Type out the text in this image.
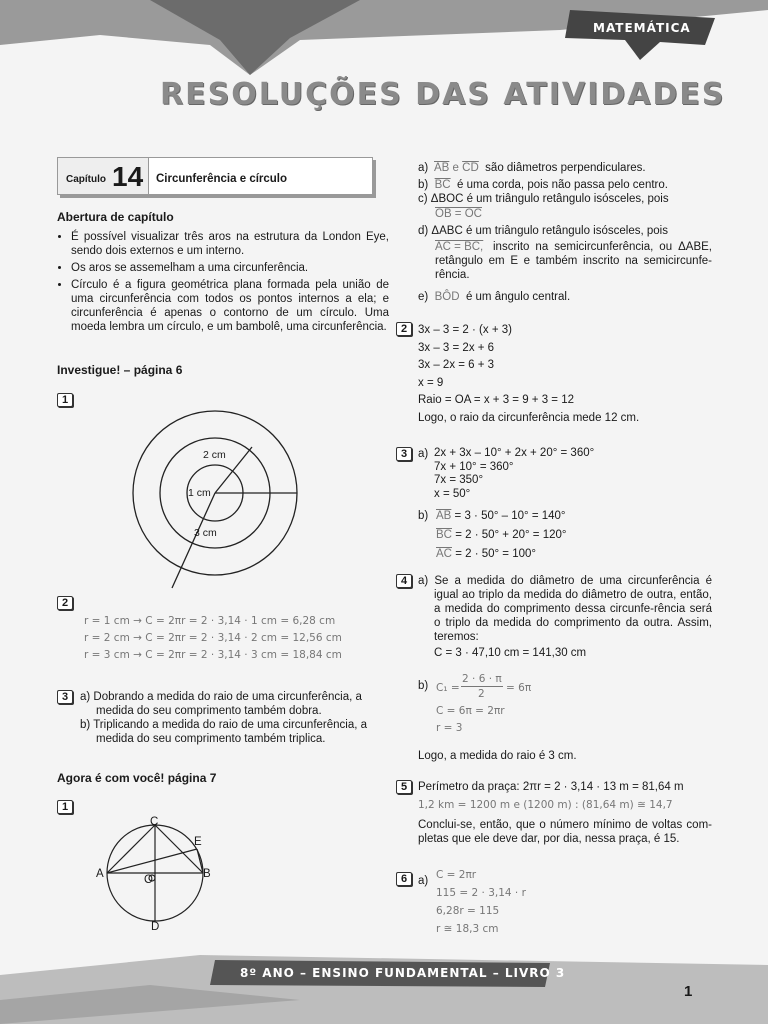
MATEMÁTICA
RESOLUÇÕES DAS ATIVIDADES
Capítulo 14 Circunferência e círculo
Abertura de capítulo
• É possível visualizar três aros na estrutura da London Eye, sendo dois externos e um interno.
• Os aros se assemelham a uma circunferência.
• Círculo é a figura geométrica plana formada pela união de uma circunferência com todos os pontos internos a ela; e circunferência é apenas o contorno de um círculo. Uma moeda lembra um círculo, e um bambolê, uma circunferência.
Investigue! – página 6
1
2 cm
1 cm
3 cm
2
r = 1 cm → C = 2πr = 2 · 3,14 · 1 cm = 6,28 cm
r = 2 cm → C = 2πr = 2 · 3,14 · 2 cm = 12,56 cm
r = 3 cm → C = 2πr = 2 · 3,14 · 3 cm = 18,84 cm
3	a) Dobrando a medida do raio de uma circunferência, a medida do seu comprimento também dobra.

b) Triplicando a medida do raio de uma circunferência, a medida do seu comprimento também triplica.

Agora é com você! página 7
1
C
E
A	B
O
D
a) $\overline{AB}$ e $\overline{CD}$ são diâmetros perpendiculares.
b) $\overline{BC}$ é uma corda, pois não passa pelo centro.
c) ΔBOC é um triângulo retângulo isósceles, pois
OB = OC
d) ΔABC é um triângulo retângulo isósceles, pois
AC = BC, inscrito na semicircunferência, ou ΔABE, retângulo em E e também inscrito na semicircunfe-rência.
e) BÔD é um ângulo central.
2 3x – 3 = 2 · (x + 3)
3x – 3 = 2x + 6
3x – 2x = 6 + 3
x = 9
Raio = OA = x + 3 = 9 + 3 = 12
Logo, o raio da circunferência mede 12 cm.
3 a) 2x + 3x – 10° + 2x + 20° = 360°
7x + 10° = 360°
7x = 350°
x = 50°
b) $\overline{AB} = 3 \cdot 50^\circ - 10^\circ = 140^\circ$
$\overline{BC} = 2 \cdot 50^\circ + 20^\circ = 120^\circ$
$\overline{AC} = 2 \cdot 50^\circ = 100^\circ$
4 a) Se a medida do diâmetro de uma circunferência é igual ao triplo da medida do diâmetro de outra, então, a medida do comprimento dessa circunfe-rência será o triplo da medida do comprimento da outra. Assim, teremos:
C = 3 · 47,10 cm = 141,30 cm
b) C₁ =
2 · 6 · π
2 = 6π
C = 6π = 2πr
r = 3
Logo, a medida do raio é 3 cm.
5 Perímetro da praça: 2πr = 2 · 3,14 · 13 m = 81,64 m
1,2 km = 1200 m e (1200 m) : (81,64 m) ≅ 14,7
Conclui-se, então, que o número mínimo de voltas com-pletas que ele deve dar, por dia, nessa praça, é 15.
6 a) C = 2πr
115 = 2 · 3,14 · r
6,28r = 115
r ≅ 18,3 cm
8º ANO – ENSINO FUNDAMENTAL – LIVRO 3
1
